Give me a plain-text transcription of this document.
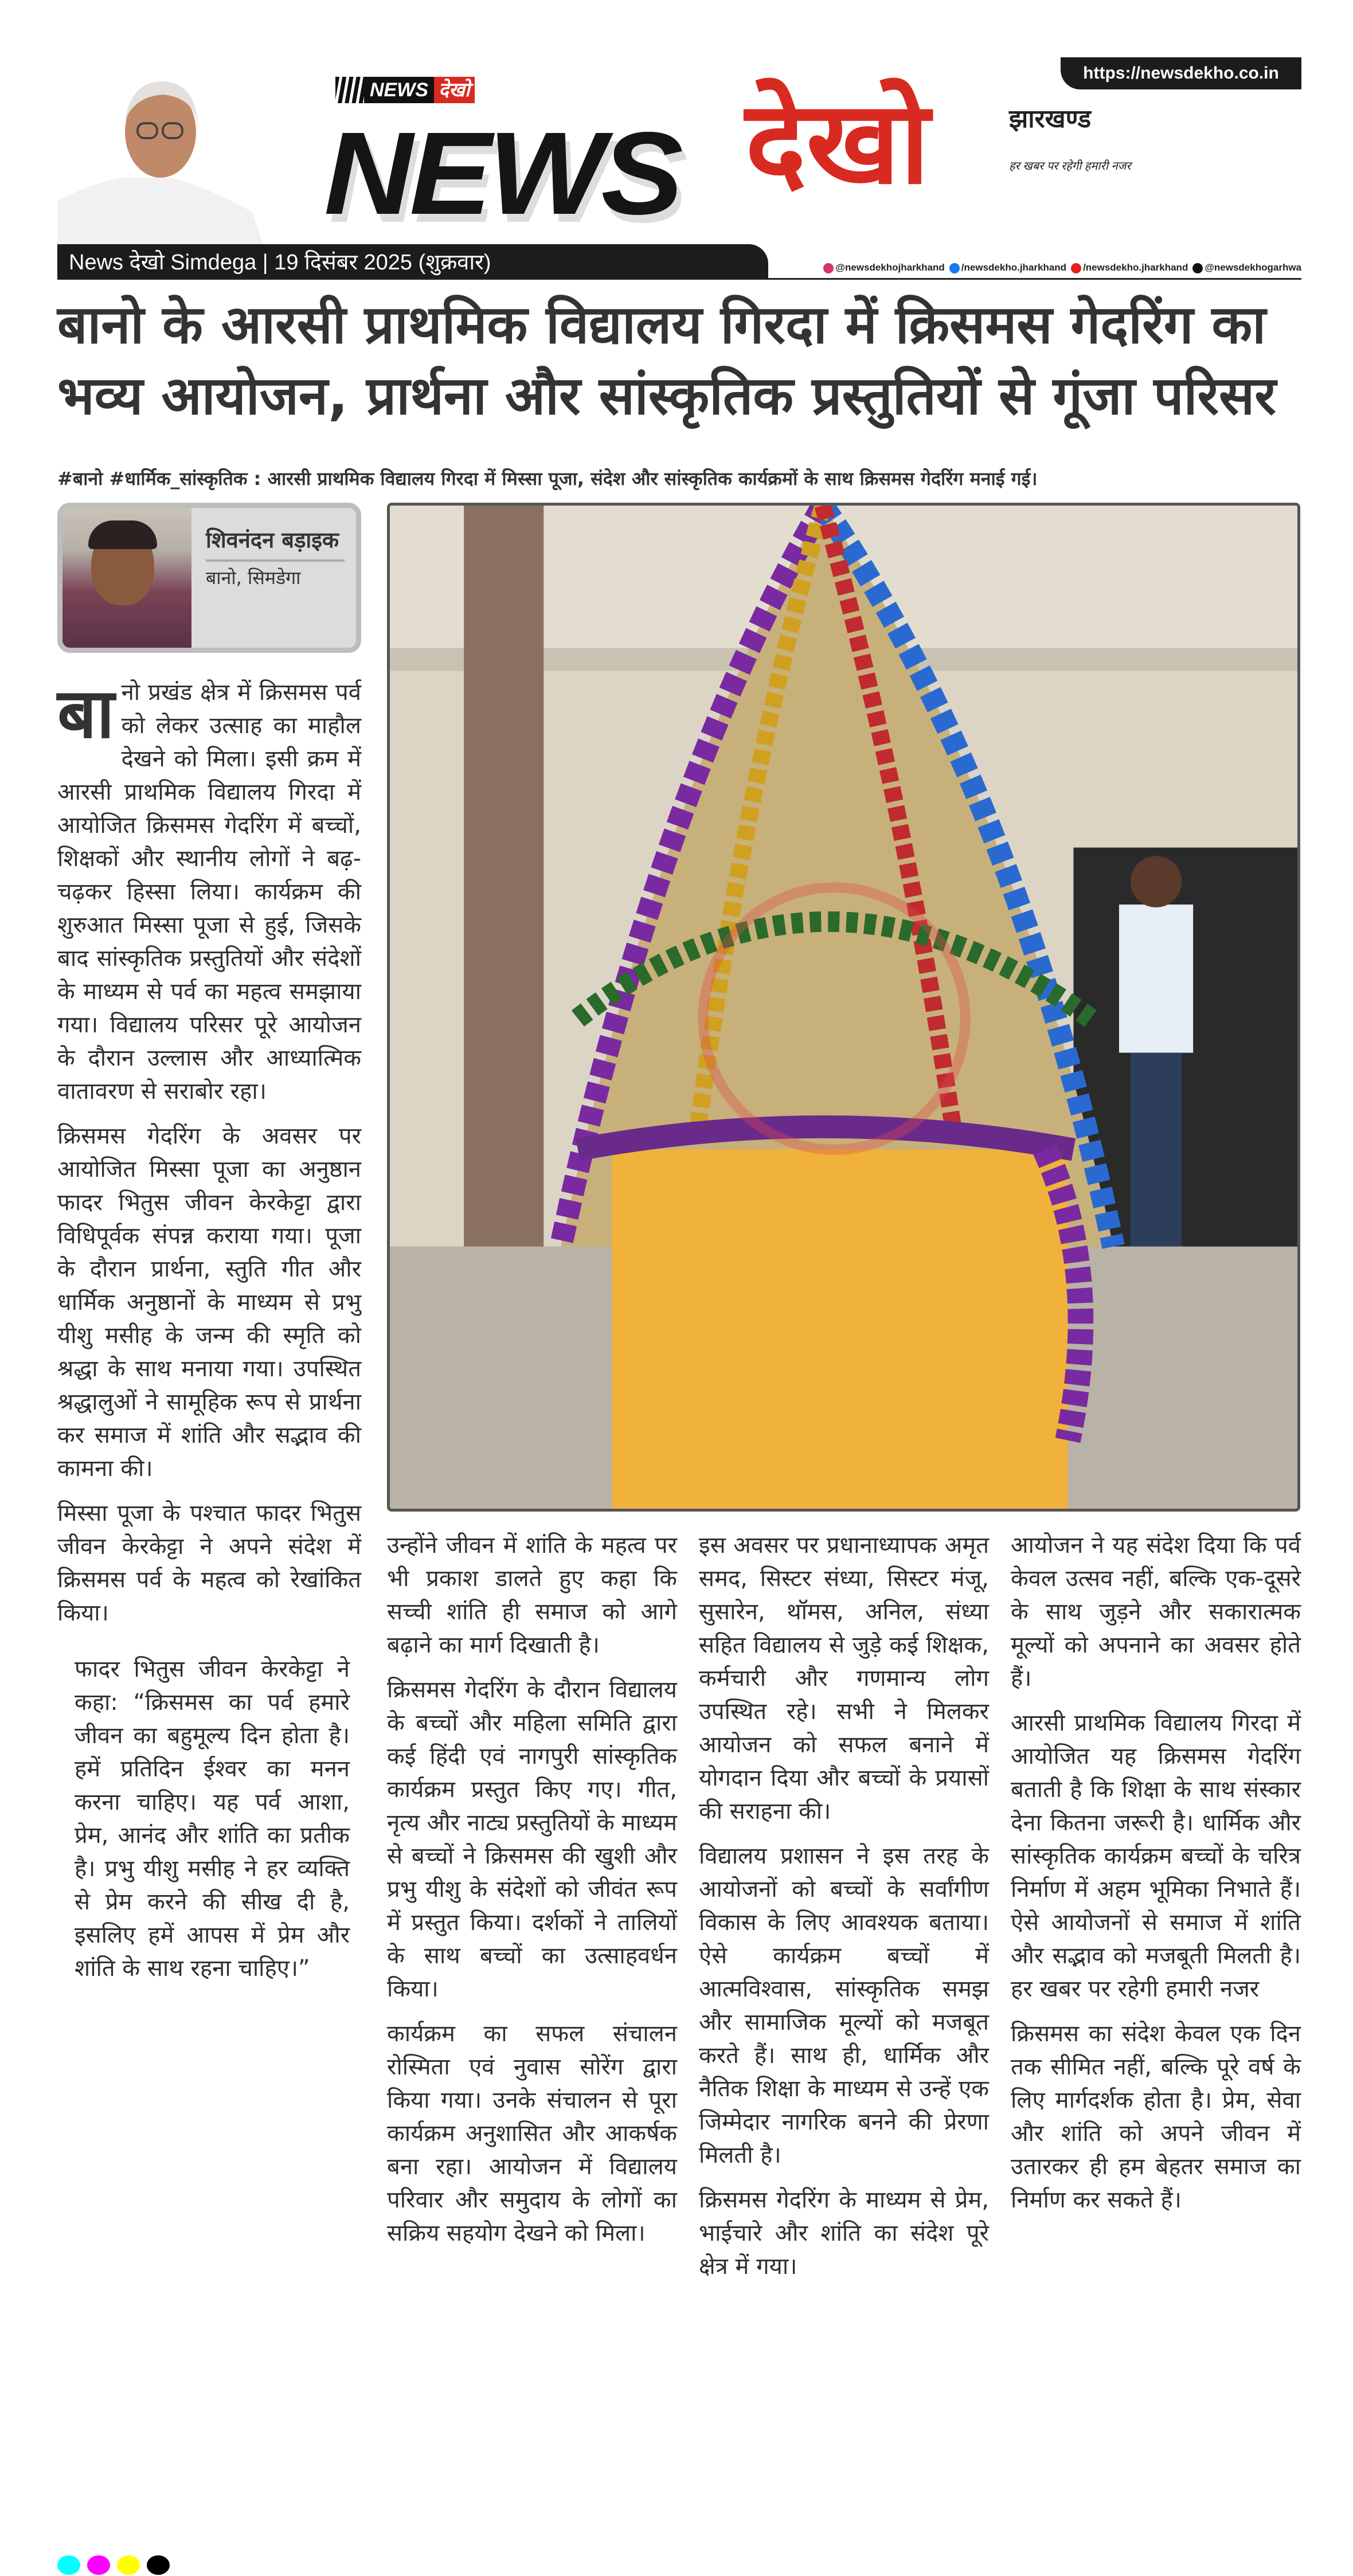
https://newsdekho.co.in
NEWS देखो
NEWS देखो	झारखण्ड
हर खबर पर रहेगी हमारी नजर
News देखो Simdega | 19 दिसंबर 2025 (शुक्रवार)	@newsdekhojharkhand	/newsdekho.jharkhand	/newsdekho.jharkhand	@newsdekhogarhwa
बानो के आरसी प्राथमिक विद्यालय गिरदा में क्रिसमस गेदरिंग का भव्य आयोजन, प्रार्थना और सांस्कृतिक प्रस्तुतियों से गूंजा परिसर
#बानो #धार्मिक_सांस्कृतिक : आरसी प्राथमिक विद्यालय गिरदा में मिस्सा पूजा, संदेश और सांस्कृतिक कार्यक्रमों के साथ क्रिसमस गेदरिंग मनाई गई।
शिवनंदन बड़ाइक
बानो, सिमडेगा

बानो प्रखंड क्षेत्र में क्रिसमस पर्व को लेकर उत्साह का माहौल देखने को मिला। इसी क्रम में आरसी प्राथमिक विद्यालय गिरदा में आयोजित क्रिसमस गेदरिंग में बच्चों, शिक्षकों और स्थानीय लोगों ने बढ़-चढ़कर हिस्सा लिया। कार्यक्रम की शुरुआत मिस्सा पूजा से हुई, जिसके बाद सांस्कृतिक प्रस्तुतियों और संदेशों के माध्यम से पर्व का महत्व समझाया गया। विद्यालय परिसर पूरे आयोजन के दौरान उल्लास और आध्यात्मिक वातावरण से सराबोर रहा।

क्रिसमस गेदरिंग के अवसर पर आयोजित मिस्सा पूजा का अनुष्ठान फादर भितुस जीवन केरकेट्टा द्वारा विधिपूर्वक संपन्न कराया गया। पूजा के दौरान प्रार्थना, स्तुति गीत और धार्मिक अनुष्ठानों के माध्यम से प्रभु यीशु मसीह के जन्म की स्मृति को श्रद्धा के साथ मनाया गया। उपस्थित श्रद्धालुओं ने सामूहिक रूप से प्रार्थना कर समाज में शांति और सद्भाव की कामना की।

मिस्सा पूजा के पश्चात फादर भितुस जीवन केरकेट्टा ने अपने संदेश में क्रिसमस पर्व के महत्व को रेखांकित किया।

फादर भितुस जीवन केरकेट्टा ने कहा: “क्रिसमस का पर्व हमारे जीवन का बहुमूल्य दिन होता है। हमें प्रतिदिन ईश्वर का मनन करना चाहिए। यह पर्व आशा, प्रेम, आनंद और शांति का प्रतीक है। प्रभु यीशु मसीह ने हर व्यक्ति से प्रेम करने की सीख दी है, इसलिए हमें आपस में प्रेम और शांति के साथ रहना चाहिए।”

उन्होंने जीवन में शांति के महत्व पर भी प्रकाश डालते हुए कहा कि सच्ची शांति ही समाज को आगे बढ़ाने का मार्ग दिखाती है।

क्रिसमस गेदरिंग के दौरान विद्यालय के बच्चों और महिला समिति द्वारा कई हिंदी एवं नागपुरी सांस्कृतिक कार्यक्रम प्रस्तुत किए गए। गीत, नृत्य और नाट्य प्रस्तुतियों के माध्यम से बच्चों ने क्रिसमस की खुशी और प्रभु यीशु के संदेशों को जीवंत रूप में प्रस्तुत किया। दर्शकों ने तालियों के साथ बच्चों का उत्साहवर्धन किया।

कार्यक्रम का सफल संचालन रोस्मिता एवं नुवास सोरेंग द्वारा किया गया। उनके संचालन से पूरा कार्यक्रम अनुशासित और आकर्षक बना रहा। आयोजन में विद्यालय परिवार और समुदाय के लोगों का सक्रिय सहयोग देखने को मिला।

इस अवसर पर प्रधानाध्यापक अमृत समद, सिस्टर संध्या, सिस्टर मंजू, सुसारेन, थॉमस, अनिल, संध्या सहित विद्यालय से जुड़े कई शिक्षक, कर्मचारी और गणमान्य लोग उपस्थित रहे। सभी ने मिलकर आयोजन को सफल बनाने में योगदान दिया और बच्चों के प्रयासों की सराहना की।

विद्यालय प्रशासन ने इस तरह के आयोजनों को बच्चों के सर्वांगीण विकास के लिए आवश्यक बताया। ऐसे कार्यक्रम बच्चों में आत्मविश्वास, सांस्कृतिक समझ और सामाजिक मूल्यों को मजबूत करते हैं। साथ ही, धार्मिक और नैतिक शिक्षा के माध्यम से उन्हें एक जिम्मेदार नागरिक बनने की प्रेरणा मिलती है।

क्रिसमस गेदरिंग के माध्यम से प्रेम, भाईचारे और शांति का संदेश पूरे क्षेत्र में गया।

आयोजन ने यह संदेश दिया कि पर्व केवल उत्सव नहीं, बल्कि एक-दूसरे के साथ जुड़ने और सकारात्मक मूल्यों को अपनाने का अवसर होते हैं।

आरसी प्राथमिक विद्यालय गिरदा में आयोजित यह क्रिसमस गेदरिंग बताती है कि शिक्षा के साथ संस्कार देना कितना जरूरी है। धार्मिक और सांस्कृतिक कार्यक्रम बच्चों के चरित्र निर्माण में अहम भूमिका निभाते हैं। ऐसे आयोजनों से समाज में शांति और सद्भाव को मजबूती मिलती है। हर खबर पर रहेगी हमारी नजर

क्रिसमस का संदेश केवल एक दिन तक सीमित नहीं, बल्कि पूरे वर्ष के लिए मार्गदर्शक होता है। प्रेम, सेवा और शांति को अपने जीवन में उतारकर ही हम बेहतर समाज का निर्माण कर सकते हैं।
